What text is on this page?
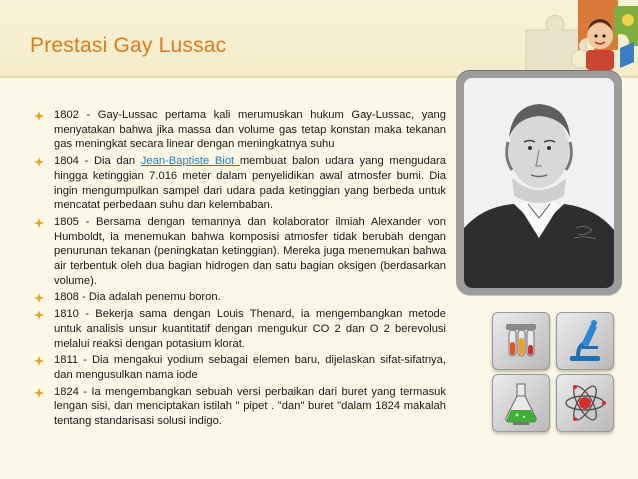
Prestasi Gay Lussac
1802 - Gay-Lussac pertama kali merumuskan hukum Gay-Lussac, yang menyatakan bahwa jika massa dan volume gas tetap konstan maka tekanan gas meningkat secara linear dengan meningkatnya suhu
1804 - Dia dan Jean-Baptiste Biot membuat balon udara yang mengudara hingga ketinggian 7.016 meter dalam penyelidikan awal atmosfer bumi. Dia ingin mengumpulkan sampel dari udara pada ketinggian yang berbeda untuk mencatat perbedaan suhu dan kelembaban.
1805 - Bersama dengan temannya dan kolaborator ilmiah Alexander von Humboldt, ia menemukan bahwa komposisi atmosfer tidak berubah dengan penurunan tekanan (peningkatan ketinggian). Mereka juga menemukan bahwa air terbentuk oleh dua bagian hidrogen dan satu bagian oksigen (berdasarkan volume).
1808 - Dia adalah penemu boron.
1810 - Bekerja sama dengan Louis Thenard, ia mengembangkan metode untuk analisis unsur kuantitatif dengan mengukur CO 2 dan O 2 berevolusi melalui reaksi dengan potasium klorat.
1811 - Dia mengakui yodium sebagai elemen baru, dijelaskan sifat-sifatnya, dan mengusulkan nama iode
1824 - Ia mengembangkan sebuah versi perbaikan dari buret yang termasuk lengan sisi, dan menciptakan istilah " pipet . "dan" buret "dalam 1824 makalah tentang standarisasi solusi indigo.
